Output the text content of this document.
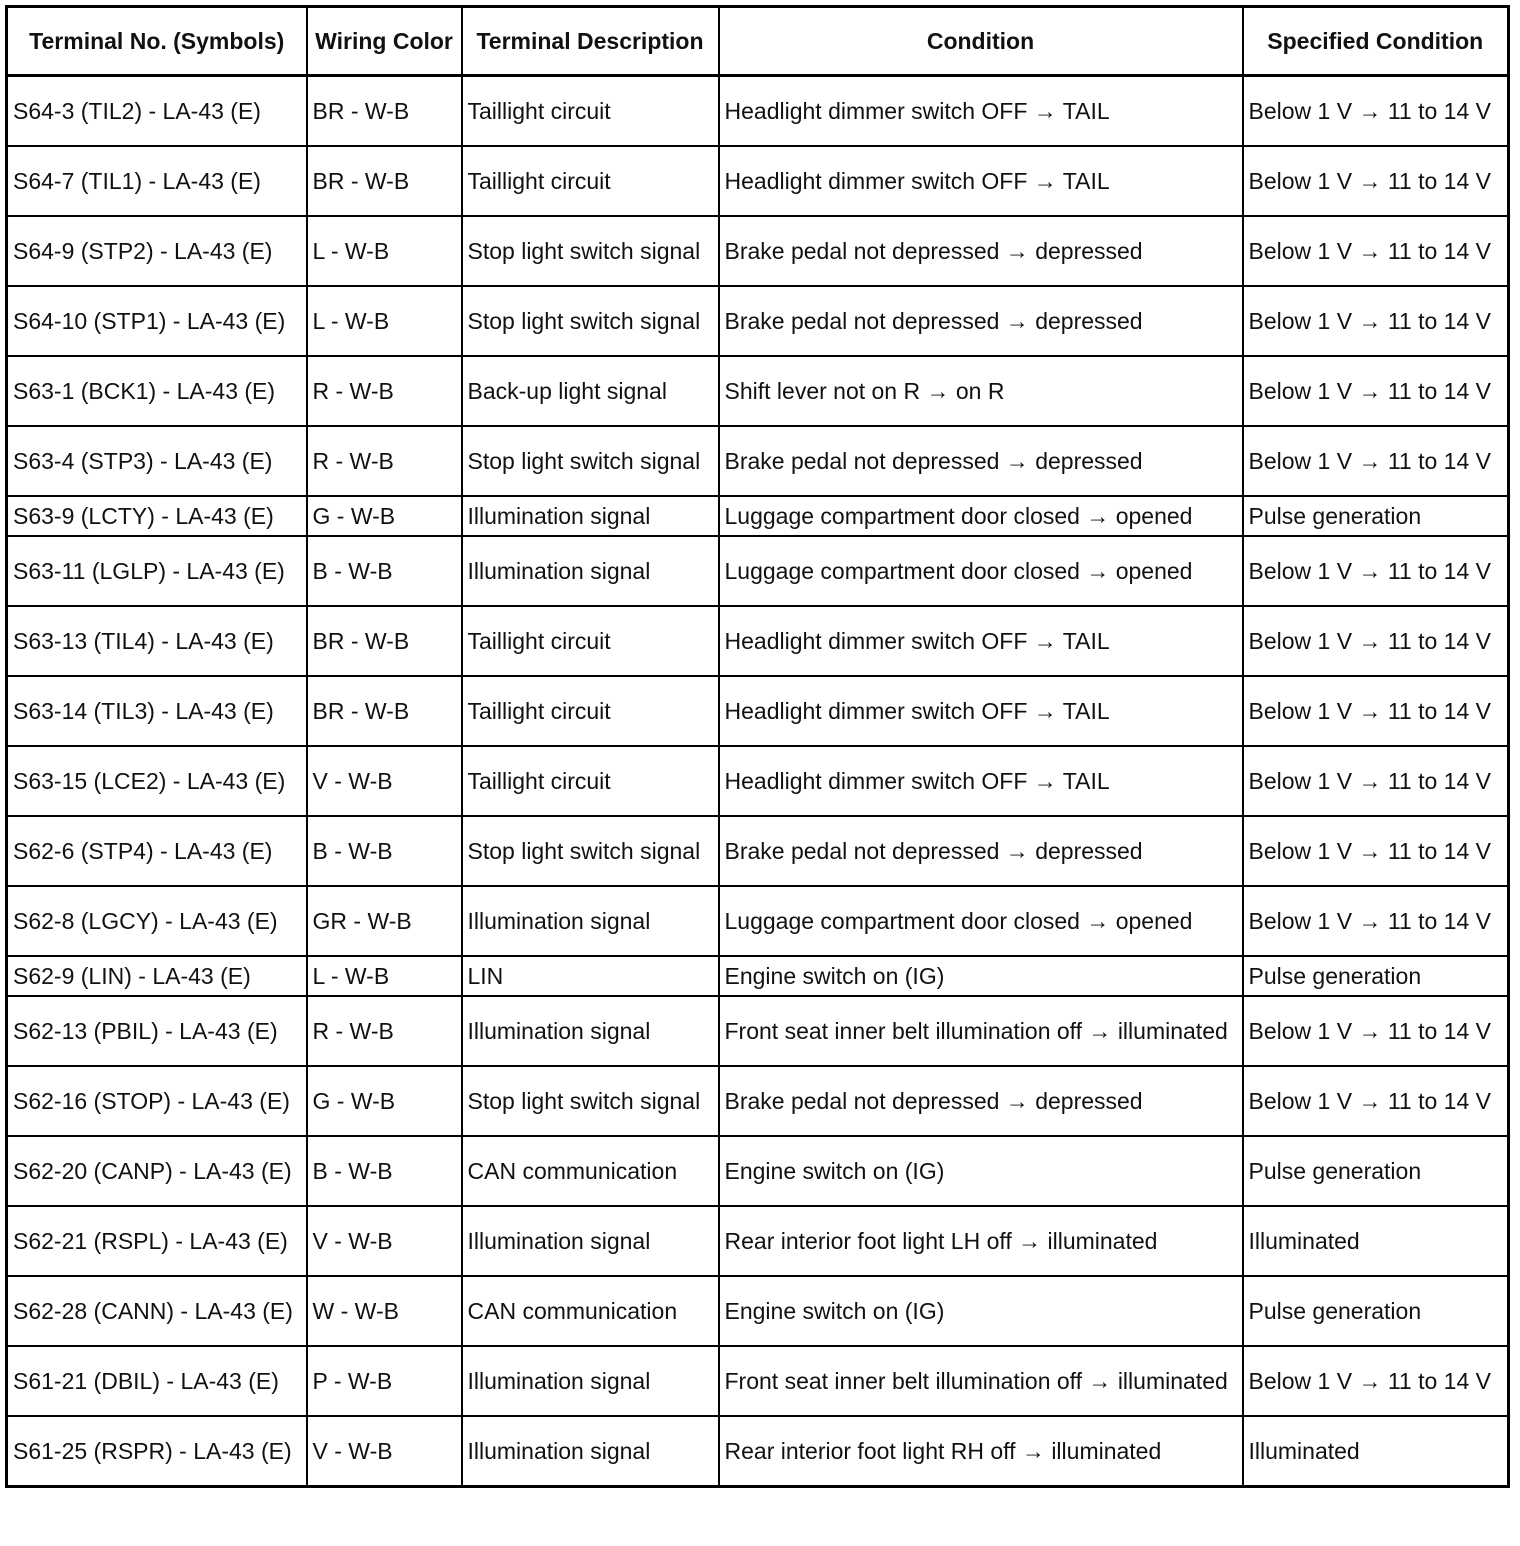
Terminal No. (Symbols)	Wiring Color	Terminal Description	Condition	Specified Condition
S64-3 (TIL2) - LA-43 (E)	BR - W-B	Taillight circuit	Headlight dimmer switch OFF → TAIL	Below 1 V → 11 to 14 V
S64-7 (TIL1) - LA-43 (E)	BR - W-B	Taillight circuit	Headlight dimmer switch OFF → TAIL	Below 1 V → 11 to 14 V
S64-9 (STP2) - LA-43 (E)	L - W-B	Stop light switch signal	Brake pedal not depressed → depressed	Below 1 V → 11 to 14 V
S64-10 (STP1) - LA-43 (E)	L - W-B	Stop light switch signal	Brake pedal not depressed → depressed	Below 1 V → 11 to 14 V
S63-1 (BCK1) - LA-43 (E)	R - W-B	Back-up light signal	Shift lever not on R → on R	Below 1 V → 11 to 14 V
S63-4 (STP3) - LA-43 (E)	R - W-B	Stop light switch signal	Brake pedal not depressed → depressed	Below 1 V → 11 to 14 V
S63-9 (LCTY) - LA-43 (E)	G - W-B	Illumination signal	Luggage compartment door closed → opened	Pulse generation
S63-11 (LGLP) - LA-43 (E)	B - W-B	Illumination signal	Luggage compartment door closed → opened	Below 1 V → 11 to 14 V
S63-13 (TIL4) - LA-43 (E)	BR - W-B	Taillight circuit	Headlight dimmer switch OFF → TAIL	Below 1 V → 11 to 14 V
S63-14 (TIL3) - LA-43 (E)	BR - W-B	Taillight circuit	Headlight dimmer switch OFF → TAIL	Below 1 V → 11 to 14 V
S63-15 (LCE2) - LA-43 (E)	V - W-B	Taillight circuit	Headlight dimmer switch OFF → TAIL	Below 1 V → 11 to 14 V
S62-6 (STP4) - LA-43 (E)	B - W-B	Stop light switch signal	Brake pedal not depressed → depressed	Below 1 V → 11 to 14 V
S62-8 (LGCY) - LA-43 (E)	GR - W-B	Illumination signal	Luggage compartment door closed → opened	Below 1 V → 11 to 14 V
S62-9 (LIN) - LA-43 (E)	L - W-B	LIN	Engine switch on (IG)	Pulse generation
S62-13 (PBIL) - LA-43 (E)	R - W-B	Illumination signal	Front seat inner belt illumination off → illuminated	Below 1 V → 11 to 14 V
S62-16 (STOP) - LA-43 (E)	G - W-B	Stop light switch signal	Brake pedal not depressed → depressed	Below 1 V → 11 to 14 V
S62-20 (CANP) - LA-43 (E)	B - W-B	CAN communication	Engine switch on (IG)	Pulse generation
S62-21 (RSPL) - LA-43 (E)	V - W-B	Illumination signal	Rear interior foot light LH off → illuminated	Illuminated
S62-28 (CANN) - LA-43 (E)	W - W-B	CAN communication	Engine switch on (IG)	Pulse generation
S61-21 (DBIL) - LA-43 (E)	P - W-B	Illumination signal	Front seat inner belt illumination off → illuminated	Below 1 V → 11 to 14 V
S61-25 (RSPR) - LA-43 (E)	V - W-B	Illumination signal	Rear interior foot light RH off → illuminated	Illuminated
